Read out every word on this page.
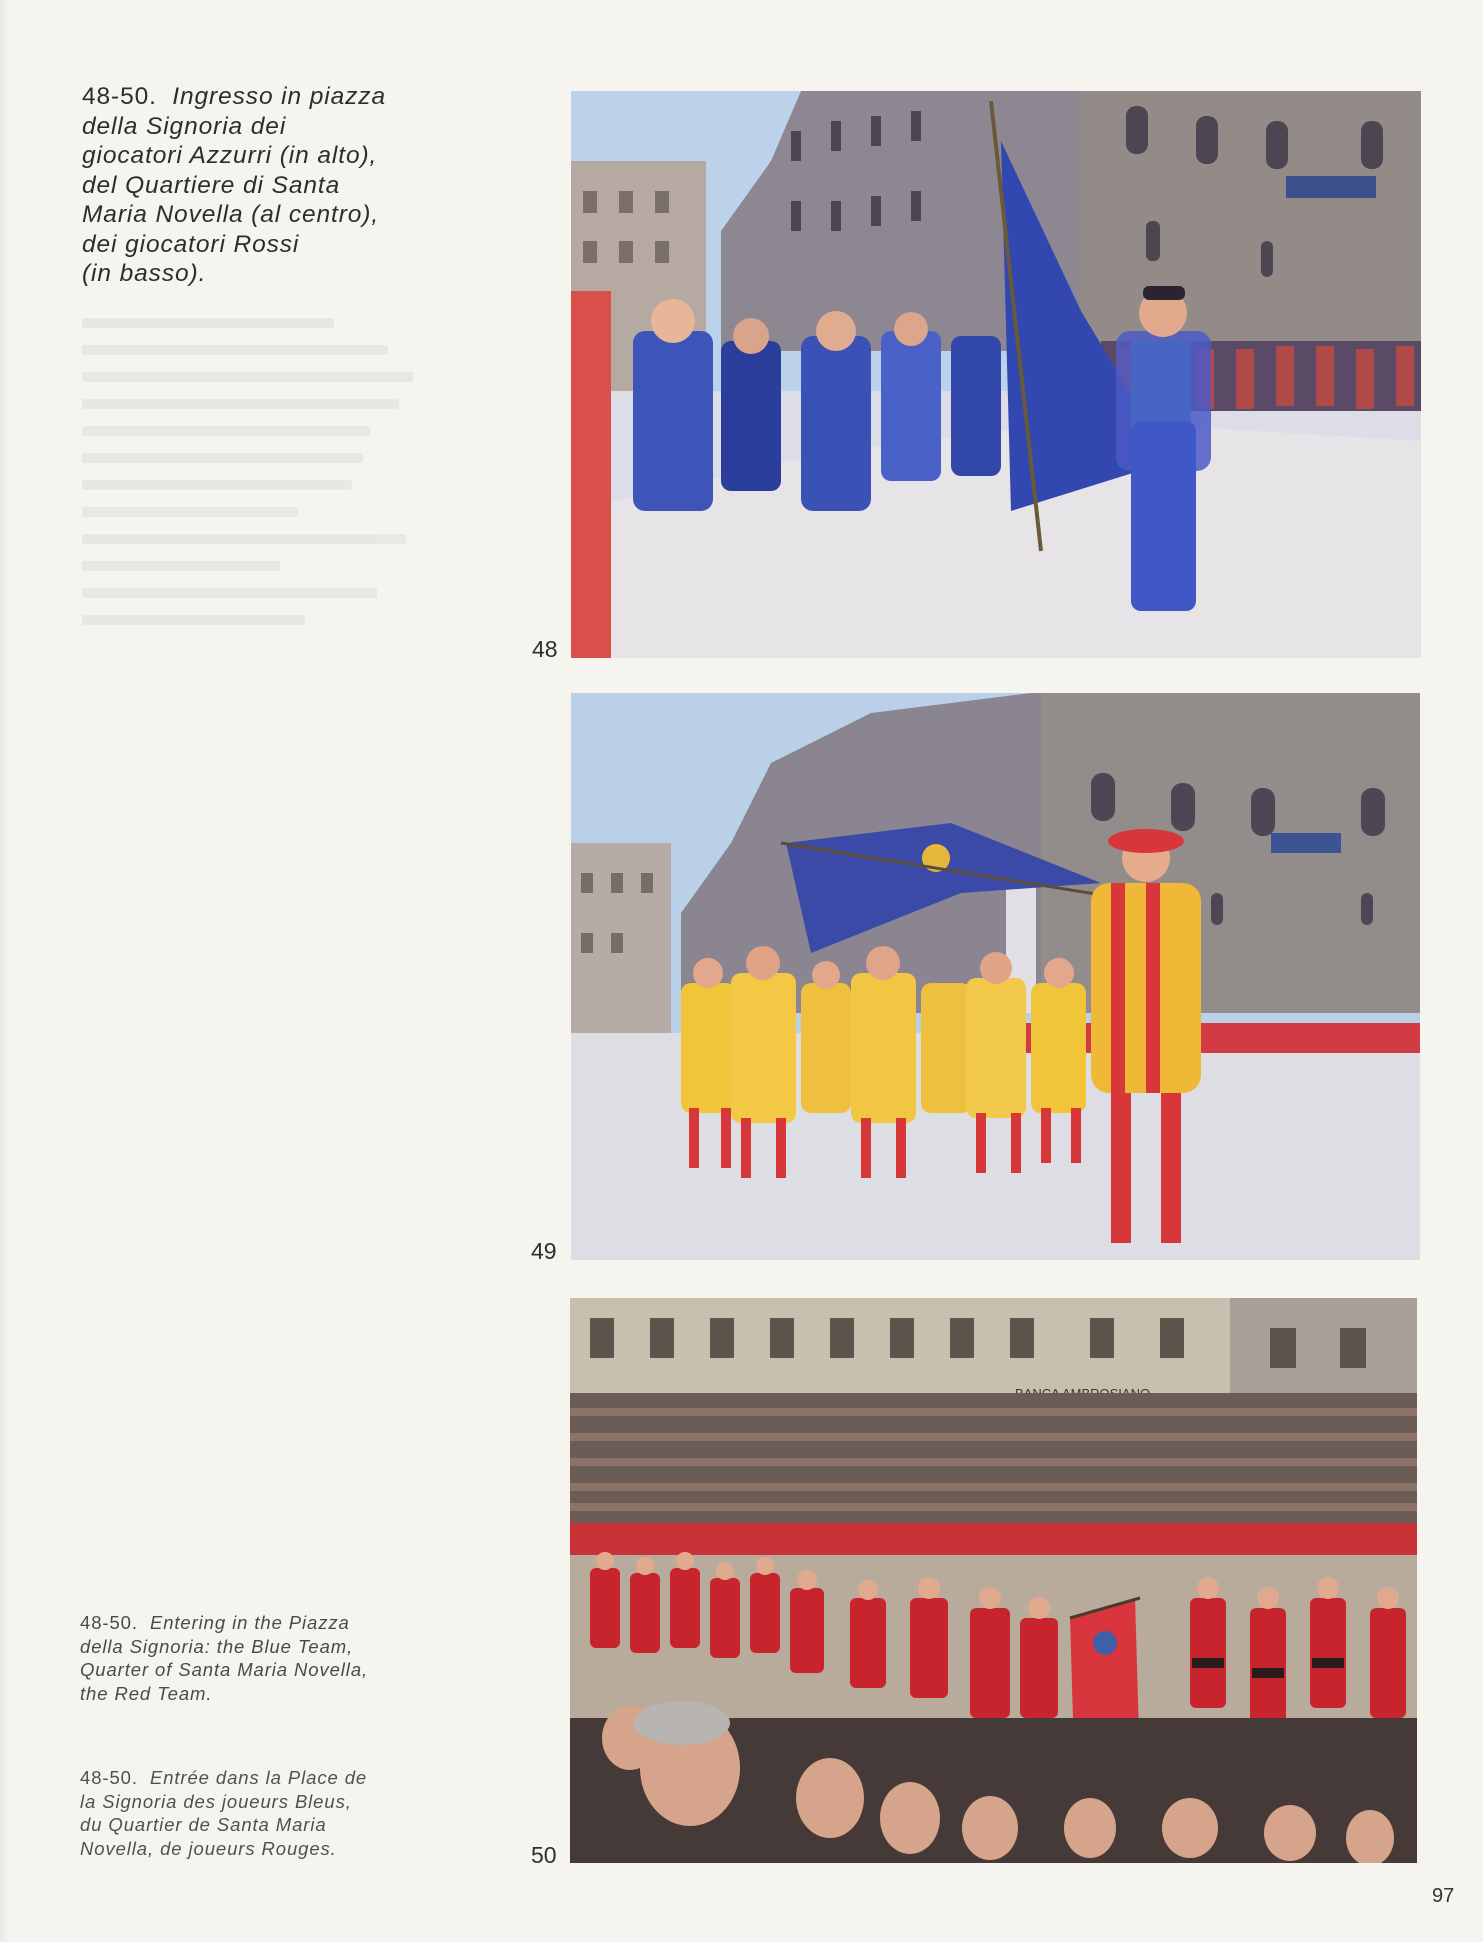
48-50. Ingresso in piazza
della Signoria dei
giocatori Azzurri (in alto),
del Quartiere di Santa
Maria Novella (al centro),
dei giocatori Rossi
(in basso).
48-50. Entering in the Piazza
della Signoria: the Blue Team,
Quarter of Santa Maria Novella,
the Red Team.
48-50. Entrée dans la Place de
la Signoria des joueurs Bleus,
du Quartier de Santa Maria
Novella, de joueurs Rouges.
48
49
50
97
